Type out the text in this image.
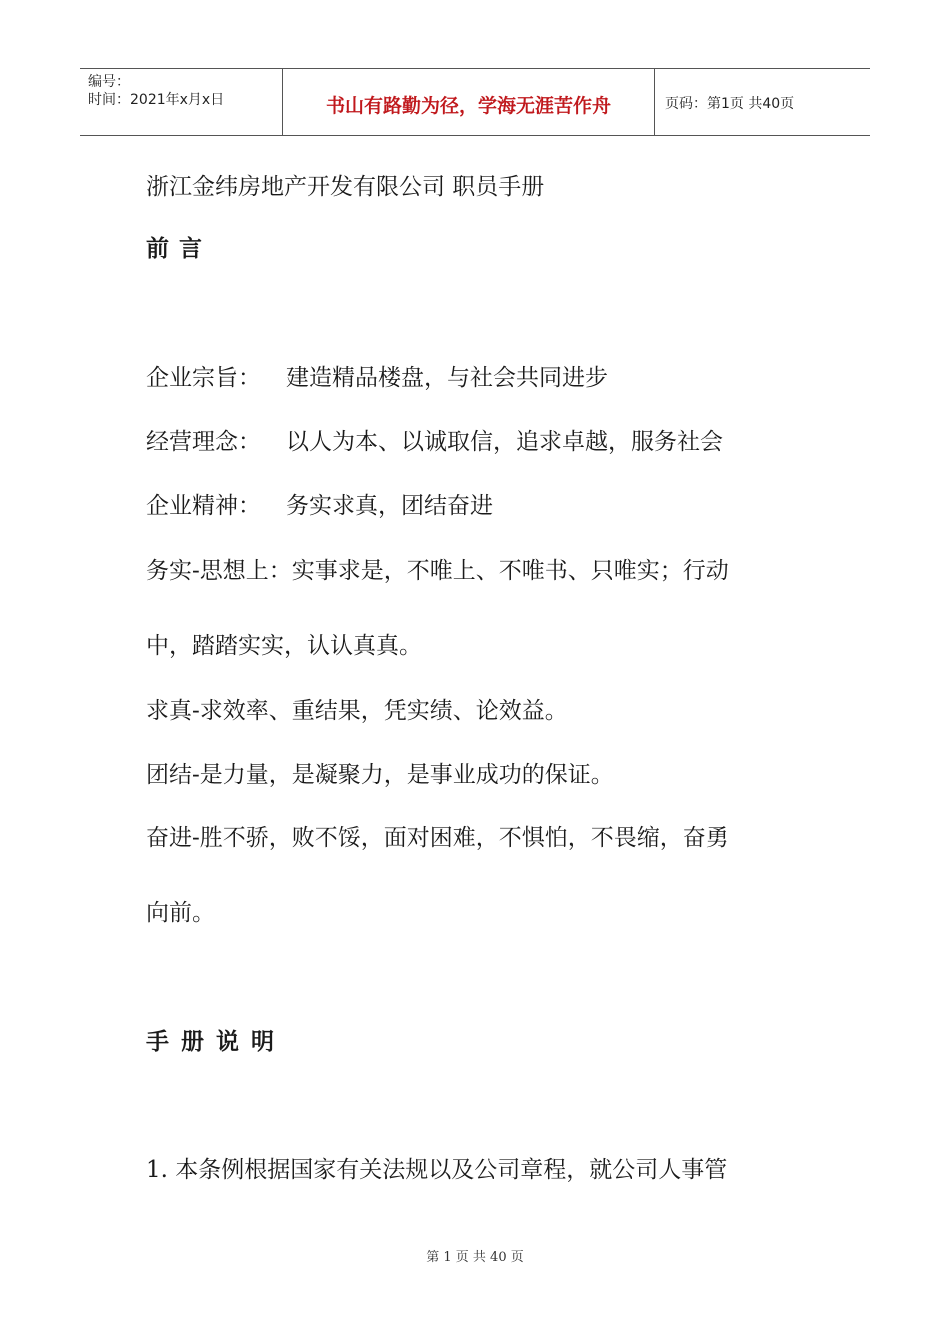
编号：
时间：2021年x月x日	书山有路勤为径，学海无涯苦作舟	页码：第1页 共40页
浙江金纬房地产开发有限公司 职员手册
前言
企业宗旨： 建造精品楼盘，与社会共同进步
经营理念： 以人为本、以诚取信，追求卓越，服务社会
企业精神： 务实求真，团结奋进
务实-思想上：实事求是，不唯上、不唯书、只唯实；行动
中，踏踏实实，认认真真。
求真-求效率、重结果，凭实绩、论效益。
团结-是力量，是凝聚力，是事业成功的保证。
奋进-胜不骄，败不馁，面对困难，不惧怕，不畏缩，奋勇
向前。
手册说明
1. 本条例根据国家有关法规以及公司章程，就公司人事管
第 1 页 共 40 页
